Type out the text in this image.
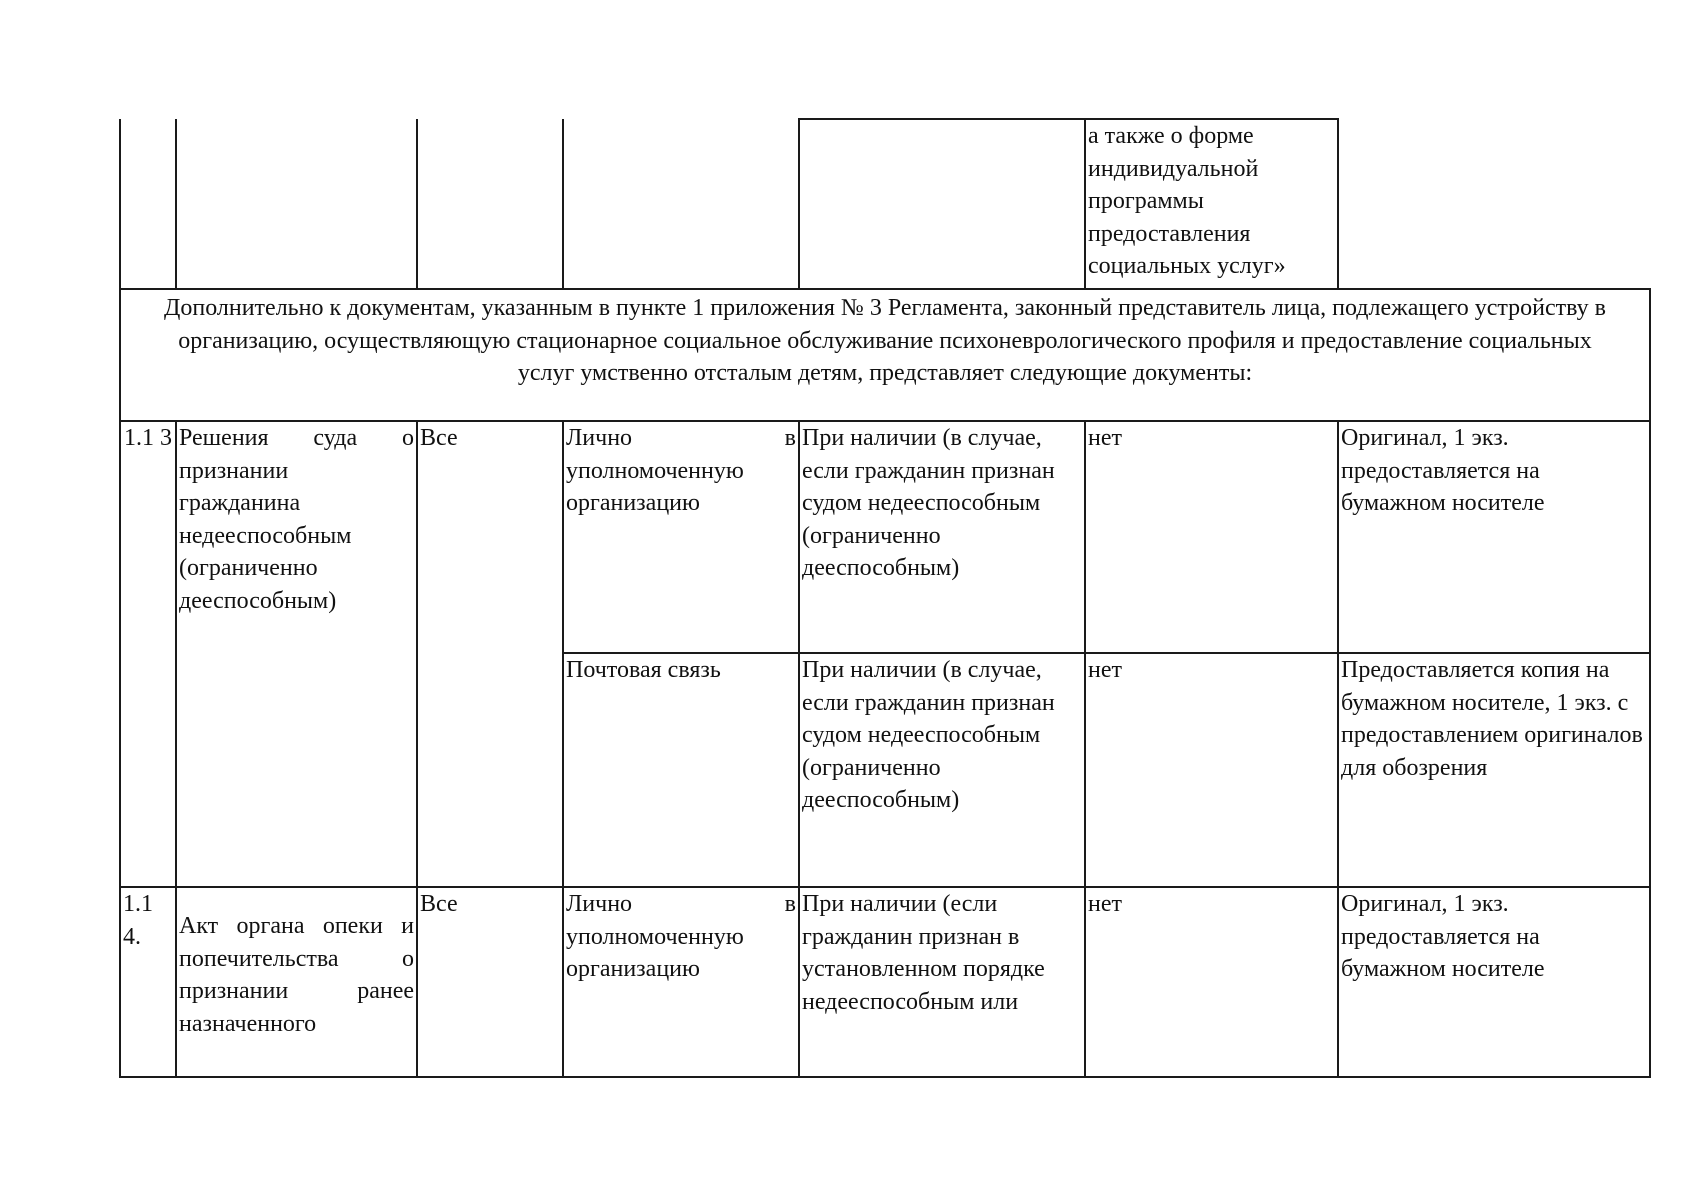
					а также о форме индивидуальной программы предоставления социальных услуг»	
Дополнительно к документам, указанным в пункте 1 приложения № 3 Регламента, законный представитель лица, подлежащего устройству в организацию, осуществляющую стационарное социальное обслуживание психоневрологического профиля и предоставление социальных услуг умственно отсталым детям, представляет следующие документы:						
1.1 3	Решения суда о признании гражданина недееспособным (ограниченно дееспособным)	Все	Лично в уполномоченную организацию	При наличии (в случае, если гражданин признан судом недееспособным (ограниченно дееспособным)	нет	Оригинал, 1 экз. предоставляется на бумажном носителе
			Почтовая связь	При наличии (в случае, если гражданин признан судом недееспособным (ограниченно дееспособным)	нет	Предоставляется копия на бумажном носителе, 1 экз. с предоставлением оригиналов для обозрения
1.1 4.	Акт органа опеки и попечительства о признании ранее назначенного	Все	Лично в уполномоченную организацию	При наличии (если гражданин признан в установленном порядке недееспособным или	нет	Оригинал, 1 экз. предоставляется на бумажном носителе
